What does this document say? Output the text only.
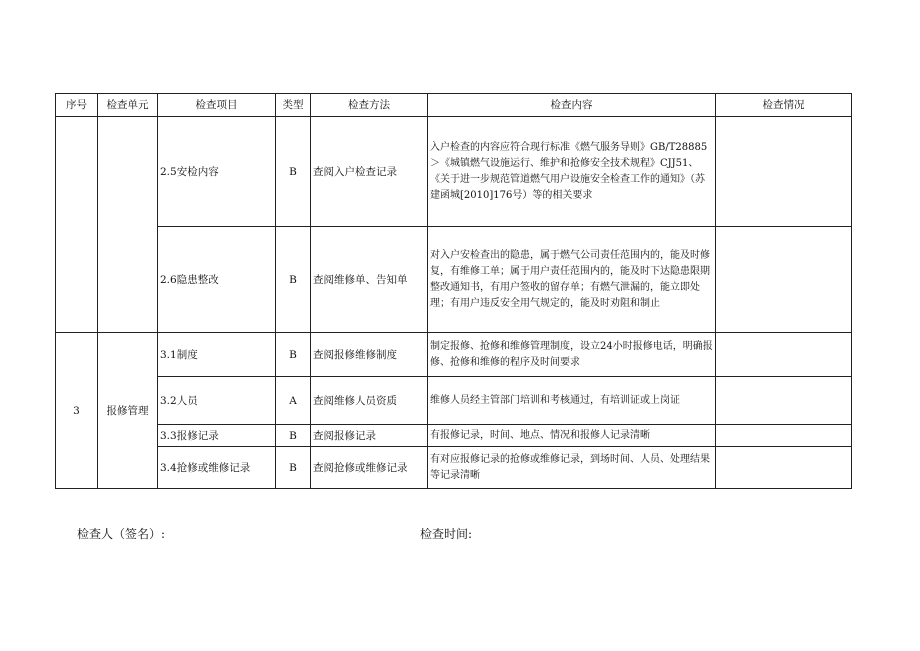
序号	检查单元	检查项目	类型	检查方法	检查内容	检查情况
		2.5安检内容	B	查阅入户检查记录	入户检查的内容应符合现行标准《燃气服务导则》GB/T28885＞《城镇燃气设施运行、维护和抢修安全技术规程》CJJ51、《关于进一步规范管道燃气用户设施安全检查工作的通知》（苏建函城[2010]176号）等的相关要求	
		2.6隐患整改	B	查阅维修单、告知单	对入户安检查出的隐患，属于燃气公司责任范围内的，能及时修复，有维修工单；属于用户责任范围内的，能及时下达隐患限期整改通知书，有用户签收的留存单；有燃气泄漏的，能立即处理；有用户违反安全用气规定的，能及时劝阻和制止	
3	报修管理	3.1制度	B	查阅报修维修制度	制定报修、抢修和维修管理制度，设立24小时报修电话，明确报修、抢修和维修的程序及时间要求	
		3.2人员	A	查阅维修人员资质	维修人员经主管部门培训和考核通过，有培训证或上岗证	
		3.3报修记录	B	查阅报修记录	有报修记录，时间、地点、情况和报修人记录清晰	
		3.4抢修或维修记录	B	查阅抢修或维修记录	有对应报修记录的抢修或维修记录，到场时间、人员、处理结果等记录清晰	
检查人（签名）:	检查时间:
